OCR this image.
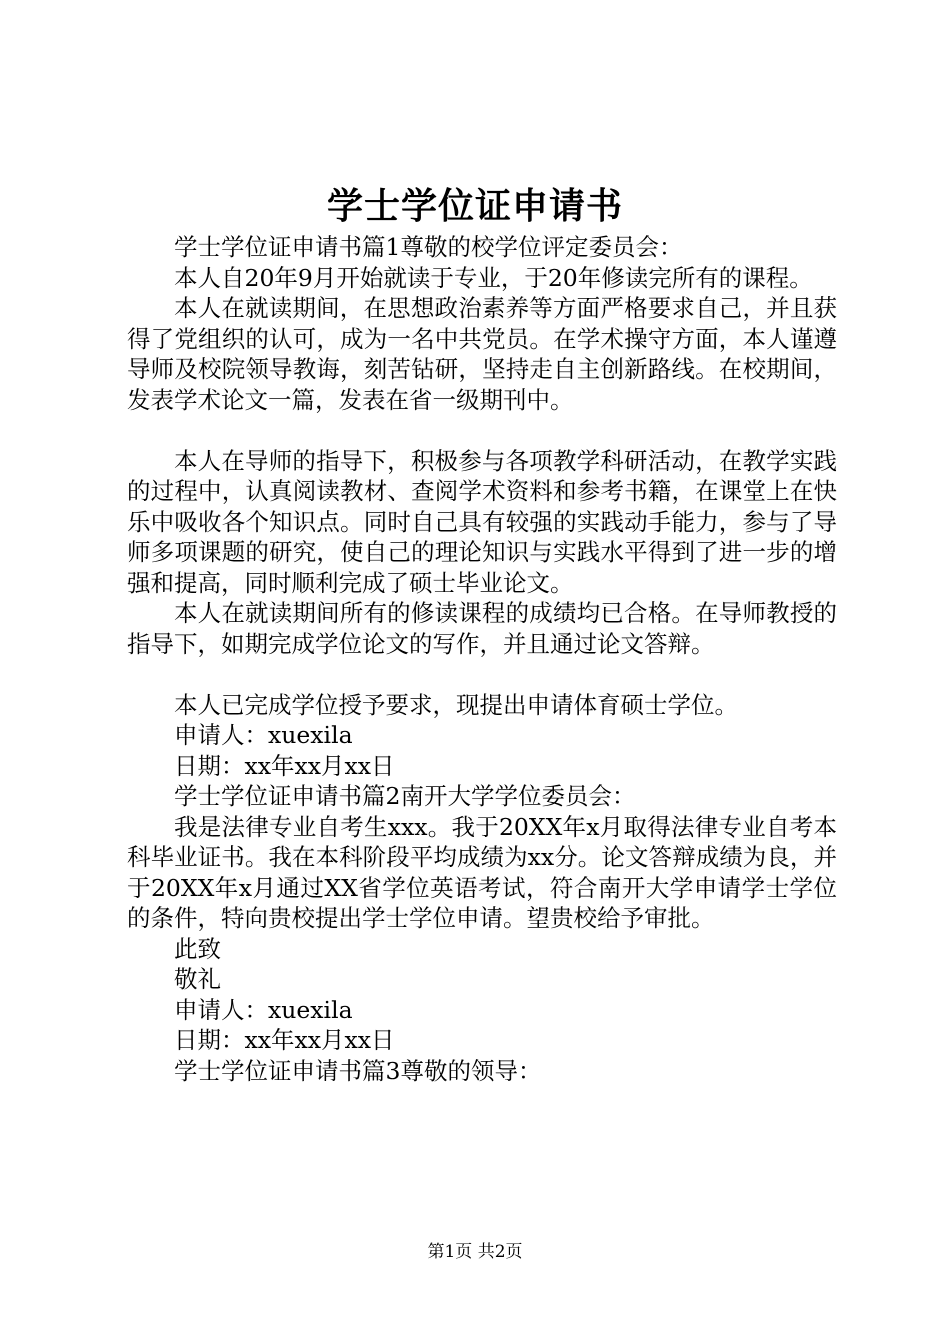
学士学位证申请书

学士学位证申请书篇1尊敬的校学位评定委员会：

本人自20年9月开始就读于专业，于20年修读完所有的课程。

本人在就读期间，在思想政治素养等方面严格要求自己，并且获得了党组织的认可，成为一名中共党员。在学术操守方面，本人谨遵导师及校院领导教诲，刻苦钻研，坚持走自主创新路线。在校期间，发表学术论文一篇，发表在省一级期刊中。

本人在导师的指导下，积极参与各项教学科研活动，在教学实践的过程中，认真阅读教材、查阅学术资料和参考书籍，在课堂上在快乐中吸收各个知识点。同时自己具有较强的实践动手能力，参与了导师多项课题的研究，使自己的理论知识与实践水平得到了进一步的增强和提高，同时顺利完成了硕士毕业论文。

本人在就读期间所有的修读课程的成绩均已合格。在导师教授的指导下，如期完成学位论文的写作，并且通过论文答辩。

本人已完成学位授予要求，现提出申请体育硕士学位。

申请人：xuexila

日期：xx年xx月xx日

学士学位证申请书篇2南开大学学位委员会：

我是法律专业自考生xxx。我于20XX年x月取得法律专业自考本科毕业证书。我在本科阶段平均成绩为xx分。论文答辩成绩为良，并于20XX年x月通过XX省学位英语考试，符合南开大学申请学士学位的条件，特向贵校提出学士学位申请。望贵校给予审批。

此致

敬礼

申请人：xuexila

日期：xx年xx月xx日

学士学位证申请书篇3尊敬的领导：

第1页 共2页
